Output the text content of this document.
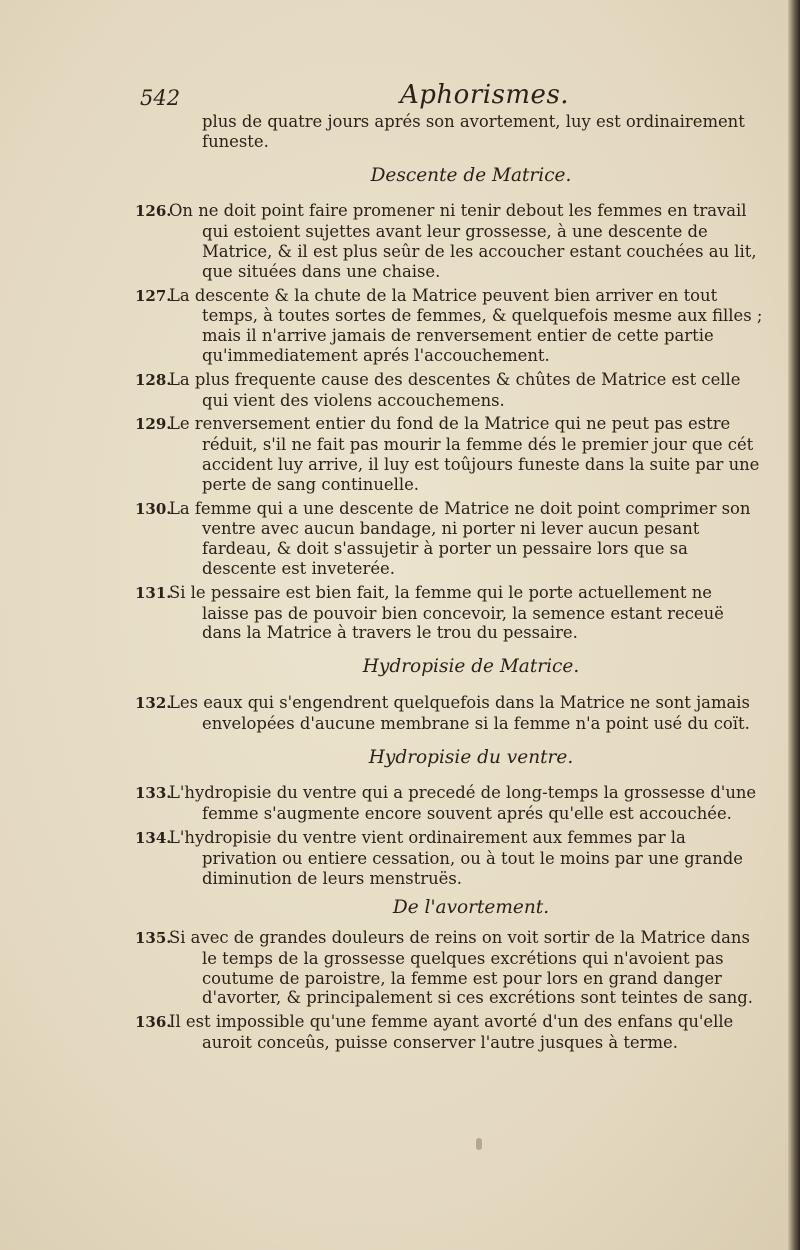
542	Aphorismes.

plus de quatre jours aprés son avortement, luy est ordinairement funeste.

Descente de Matrice.

126.On ne doit point faire promener ni tenir debout les femmes en travail qui estoient sujettes avant leur grossesse, à une descente de Matrice, & il est plus seûr de les accoucher estant couchées au lit, que situées dans une chaise.

127.La descente & la chute de la Matrice peuvent bien arriver en tout temps, à toutes sortes de femmes, & quelquefois mesme aux filles ; mais il n'arrive jamais de renversement entier de cette partie qu'immediatement aprés l'accouchement.

128.La plus frequente cause des descentes & chûtes de Matrice est celle qui vient des violens accouchemens.

129.Le renversement entier du fond de la Matrice qui ne peut pas estre réduit, s'il ne fait pas mourir la femme dés le premier jour que cét accident luy arrive, il luy est toûjours funeste dans la suite par une perte de sang continuelle.

130.La femme qui a une descente de Matrice ne doit point comprimer son ventre avec aucun bandage, ni porter ni lever aucun pesant fardeau, & doit s'assujetir à porter un pessaire lors que sa descente est inveterée.

131.Si le pessaire est bien fait, la femme qui le porte actuellement ne laisse pas de pouvoir bien concevoir, la semence estant receuë dans la Matrice à travers le trou du pessaire.

Hydropisie de Matrice.

132.Les eaux qui s'engendrent quelquefois dans la Matrice ne sont jamais envelopées d'aucune membrane si la femme n'a point usé du coït.

Hydropisie du ventre.

133.L'hydropisie du ventre qui a precedé de long-temps la grossesse d'une femme s'augmente encore souvent aprés qu'elle est accouchée.

134.L'hydropisie du ventre vient ordinairement aux femmes par la privation ou entiere cessation, ou à tout le moins par une grande diminution de leurs menstruës.

De l'avortement.

135.Si avec de grandes douleurs de reins on voit sortir de la Matrice dans le temps de la grossesse quelques excrétions qui n'avoient pas coutume de paroistre, la femme est pour lors en grand danger d'avorter, & principalement si ces excrétions sont teintes de sang.

136.Il est impossible qu'une femme ayant avorté d'un des enfans qu'elle auroit conceûs, puisse conserver l'autre jusques à terme.
